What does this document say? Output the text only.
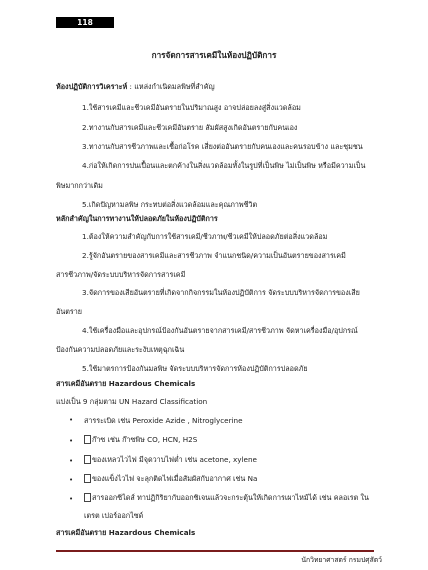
118
การจัดการสารเคมีในห้องปฏิบัติการ
ห้องปฏิบัติการวิเคราะห์ : แหล่งกำเนิดมลพิษที่สำคัญ
1.ใช้สารเคมีและชีวเคมีอันตรายในปริมาณสูง อาจปล่อยลงสู่สิ่งแวดล้อม
2.ทางานกับสารเคมีและชีวเคมีอันตราย สัมผัสสูงเกิดอันตรายกับคนเอง
3.ทางานกับสารชีวภาพและเชื้อก่อโรค เสี่ยงต่ออันตรายกับคนเองและคนรอบข้าง และชุมชน
4.ก่อให้เกิดการปนเปื้อนและตกค้างในสิ่งแวดล้อมทั้งในรูปที่เป็นพิษ ไม่เป็นพิษ หรือมีความเป็น
พิษมากกว่าเดิม
5.เกิดปัญหามลพิษ กระทบต่อสิ่งแวดล้อมและคุณภาพชีวิต
หลักสำคัญในการทางานให้ปลอดภัยในห้องปฏิบัติการ
1.ต้องให้ความสำคัญกับการใช้สารเคมี/ชีวภาพ/ชีวเคมีให้ปลอดภัยต่อสิ่งแวดล้อม
2.รู้จักอันตรายของสารเคมีและสารชีวภาพ จำแนกชนิด/ความเป็นอันตรายของสารเคมี
สารชีวภาพ/จัดระบบบริหารจัดการสารเคมี
3.จัดการของเสียอันตรายที่เกิดจากกิจกรรมในห้องปฏิบัติการ จัดระบบบริหารจัดการของเสีย
อันตราย
4.ใช้เครื่องมือและอุปกรณ์ป้องกันอันตรายจากสารเคมี/สารชีวภาพ จัดหาเครื่องมือ/อุปกรณ์
ป้องกันความปลอดภัยและระงับเหตุฉุกเฉิน
5.ใช้มาตรการป้องกันมลพิษ จัดระบบบริหารจัดการห้องปฏิบัติการปลอดภัย
สารเคมีอันตราย Hazardous Chemicals
แบ่งเป็น 9 กลุ่มตาม UN Hazard Classification
• สารระเบิด เช่น Peroxide Azide , Nitroglycerine
•	ก๊าซ เช่น ก๊าซพิษ CO, HCN, H2S
•	ของเหลวไวไฟ มีจุดวาบไฟต่ำ เช่น acetone, xylene
•	ของแข็งไวไฟ จะลุกติดไฟเมื่อสัมผัสกับอากาศ เช่น Na
•	สารออกซิไดส์ ทาปฏิกิริยากับออกซิเจนแล้วจะกระตุ้นให้เกิดการเผาไหม้ได้ เช่น คลอเรต ใน
เตรต เปอร์ออกไซด์
สารเคมีอันตราย Hazardous Chemicals
นักวิทยาศาสตร์ กรมปศุสัตว์
